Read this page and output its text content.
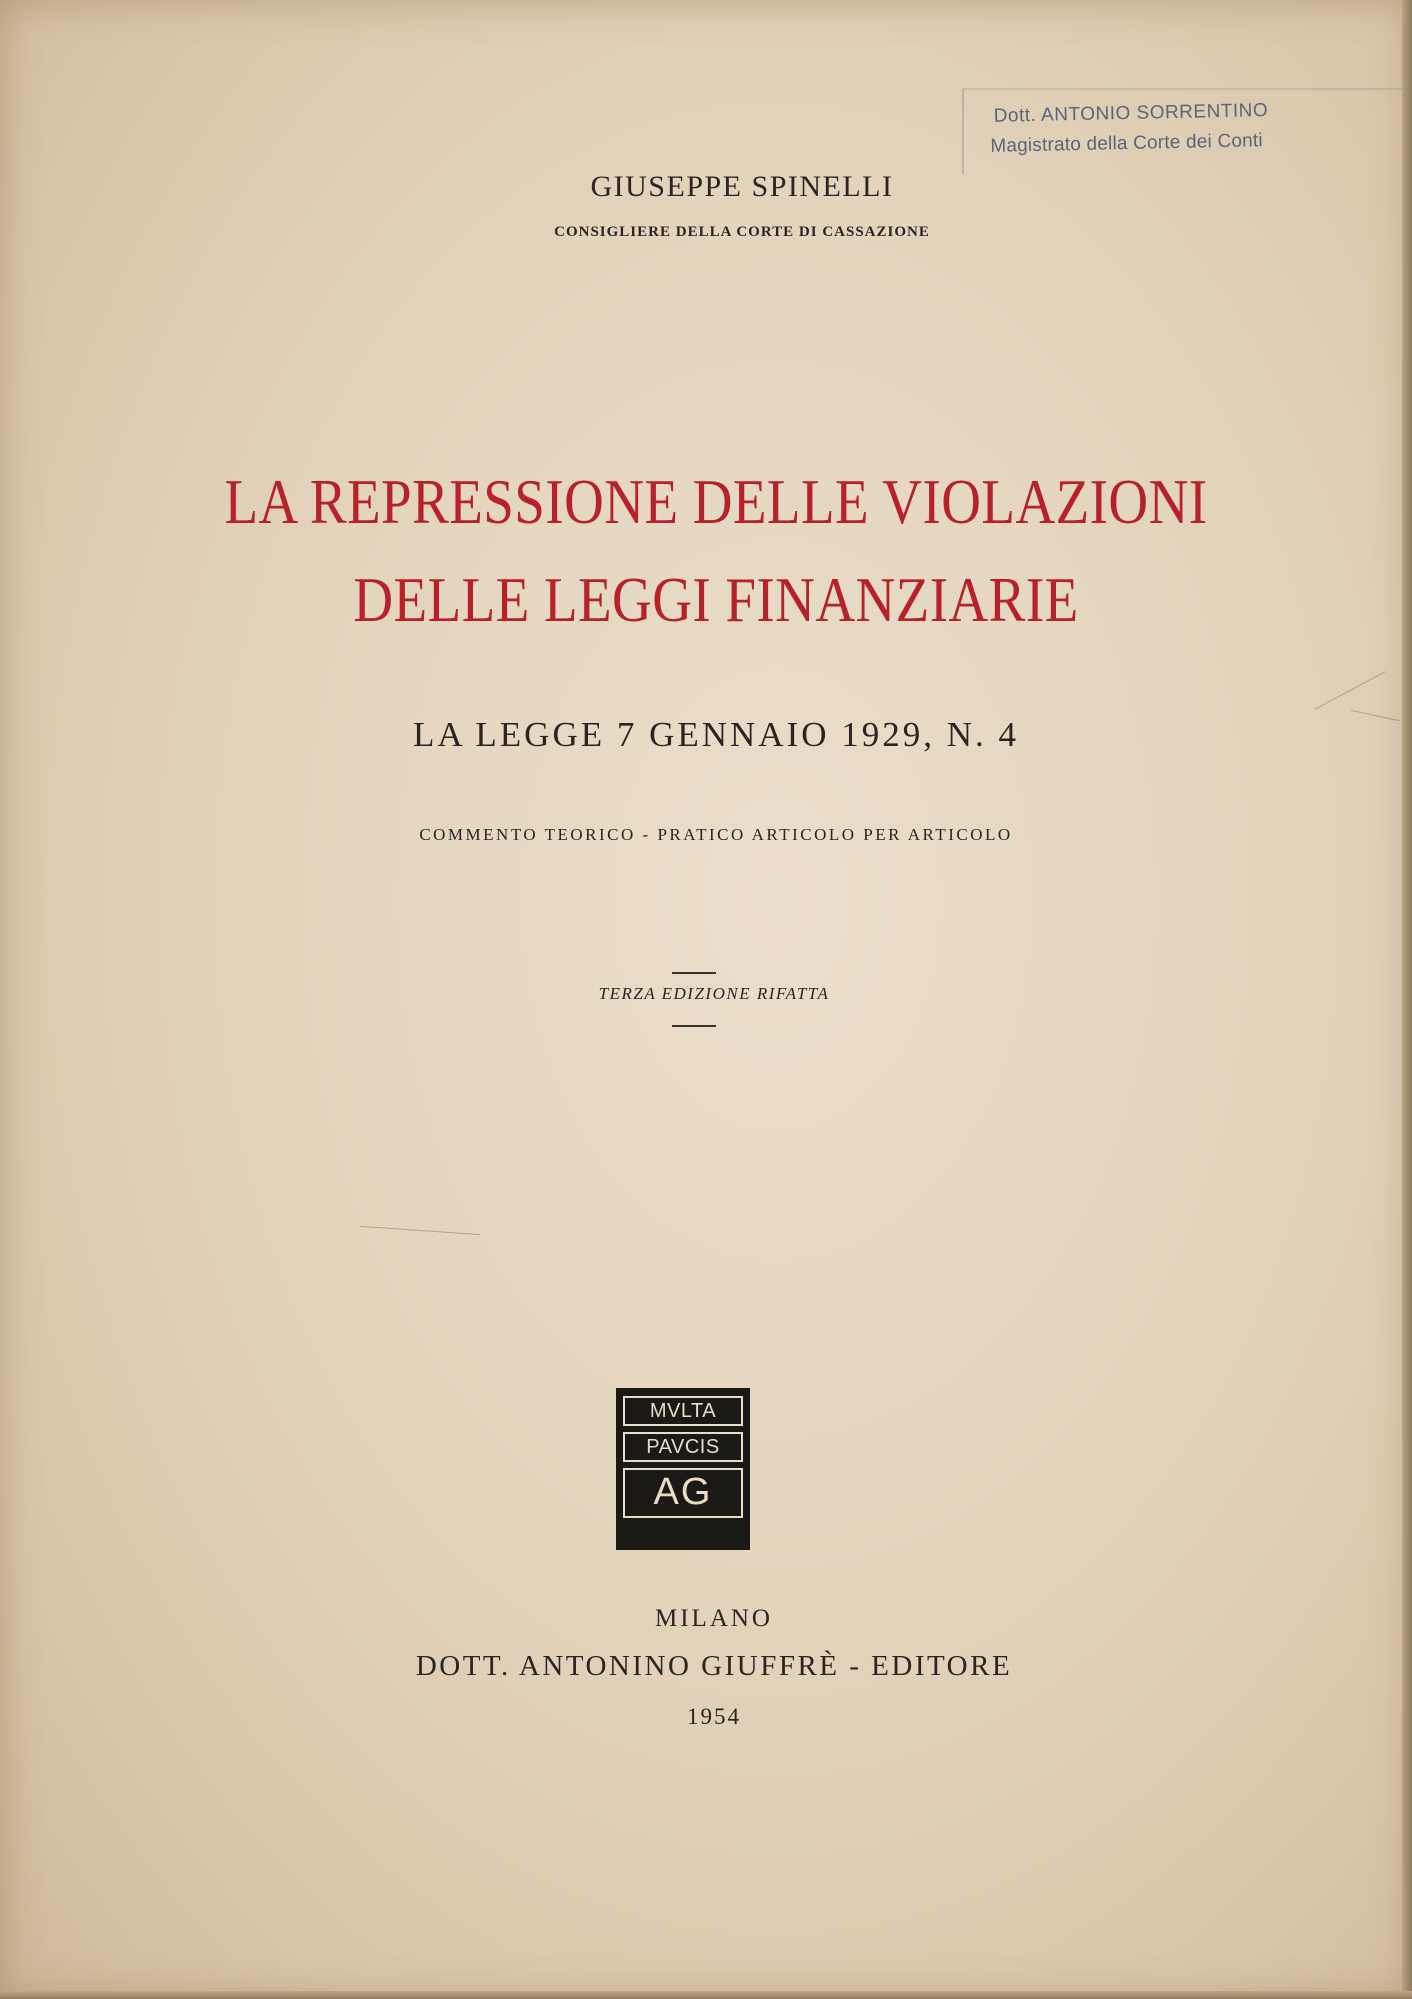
Dott. ANTONIO SORRENTINO
Magistrato della Corte dei Conti
GIUSEPPE SPINELLI
CONSIGLIERE DELLA CORTE DI CASSAZIONE
LA REPRESSIONE DELLE VIOLAZIONI
DELLE LEGGI FINANZIARIE
LA LEGGE 7 GENNAIO 1929, N. 4
COMMENTO TEORICO - PRATICO ARTICOLO PER ARTICOLO
TERZA EDIZIONE RIFATTA
MVLTA
PAVCIS
AG
MILANO
DOTT. ANTONINO GIUFFRÈ - EDITORE
1954
